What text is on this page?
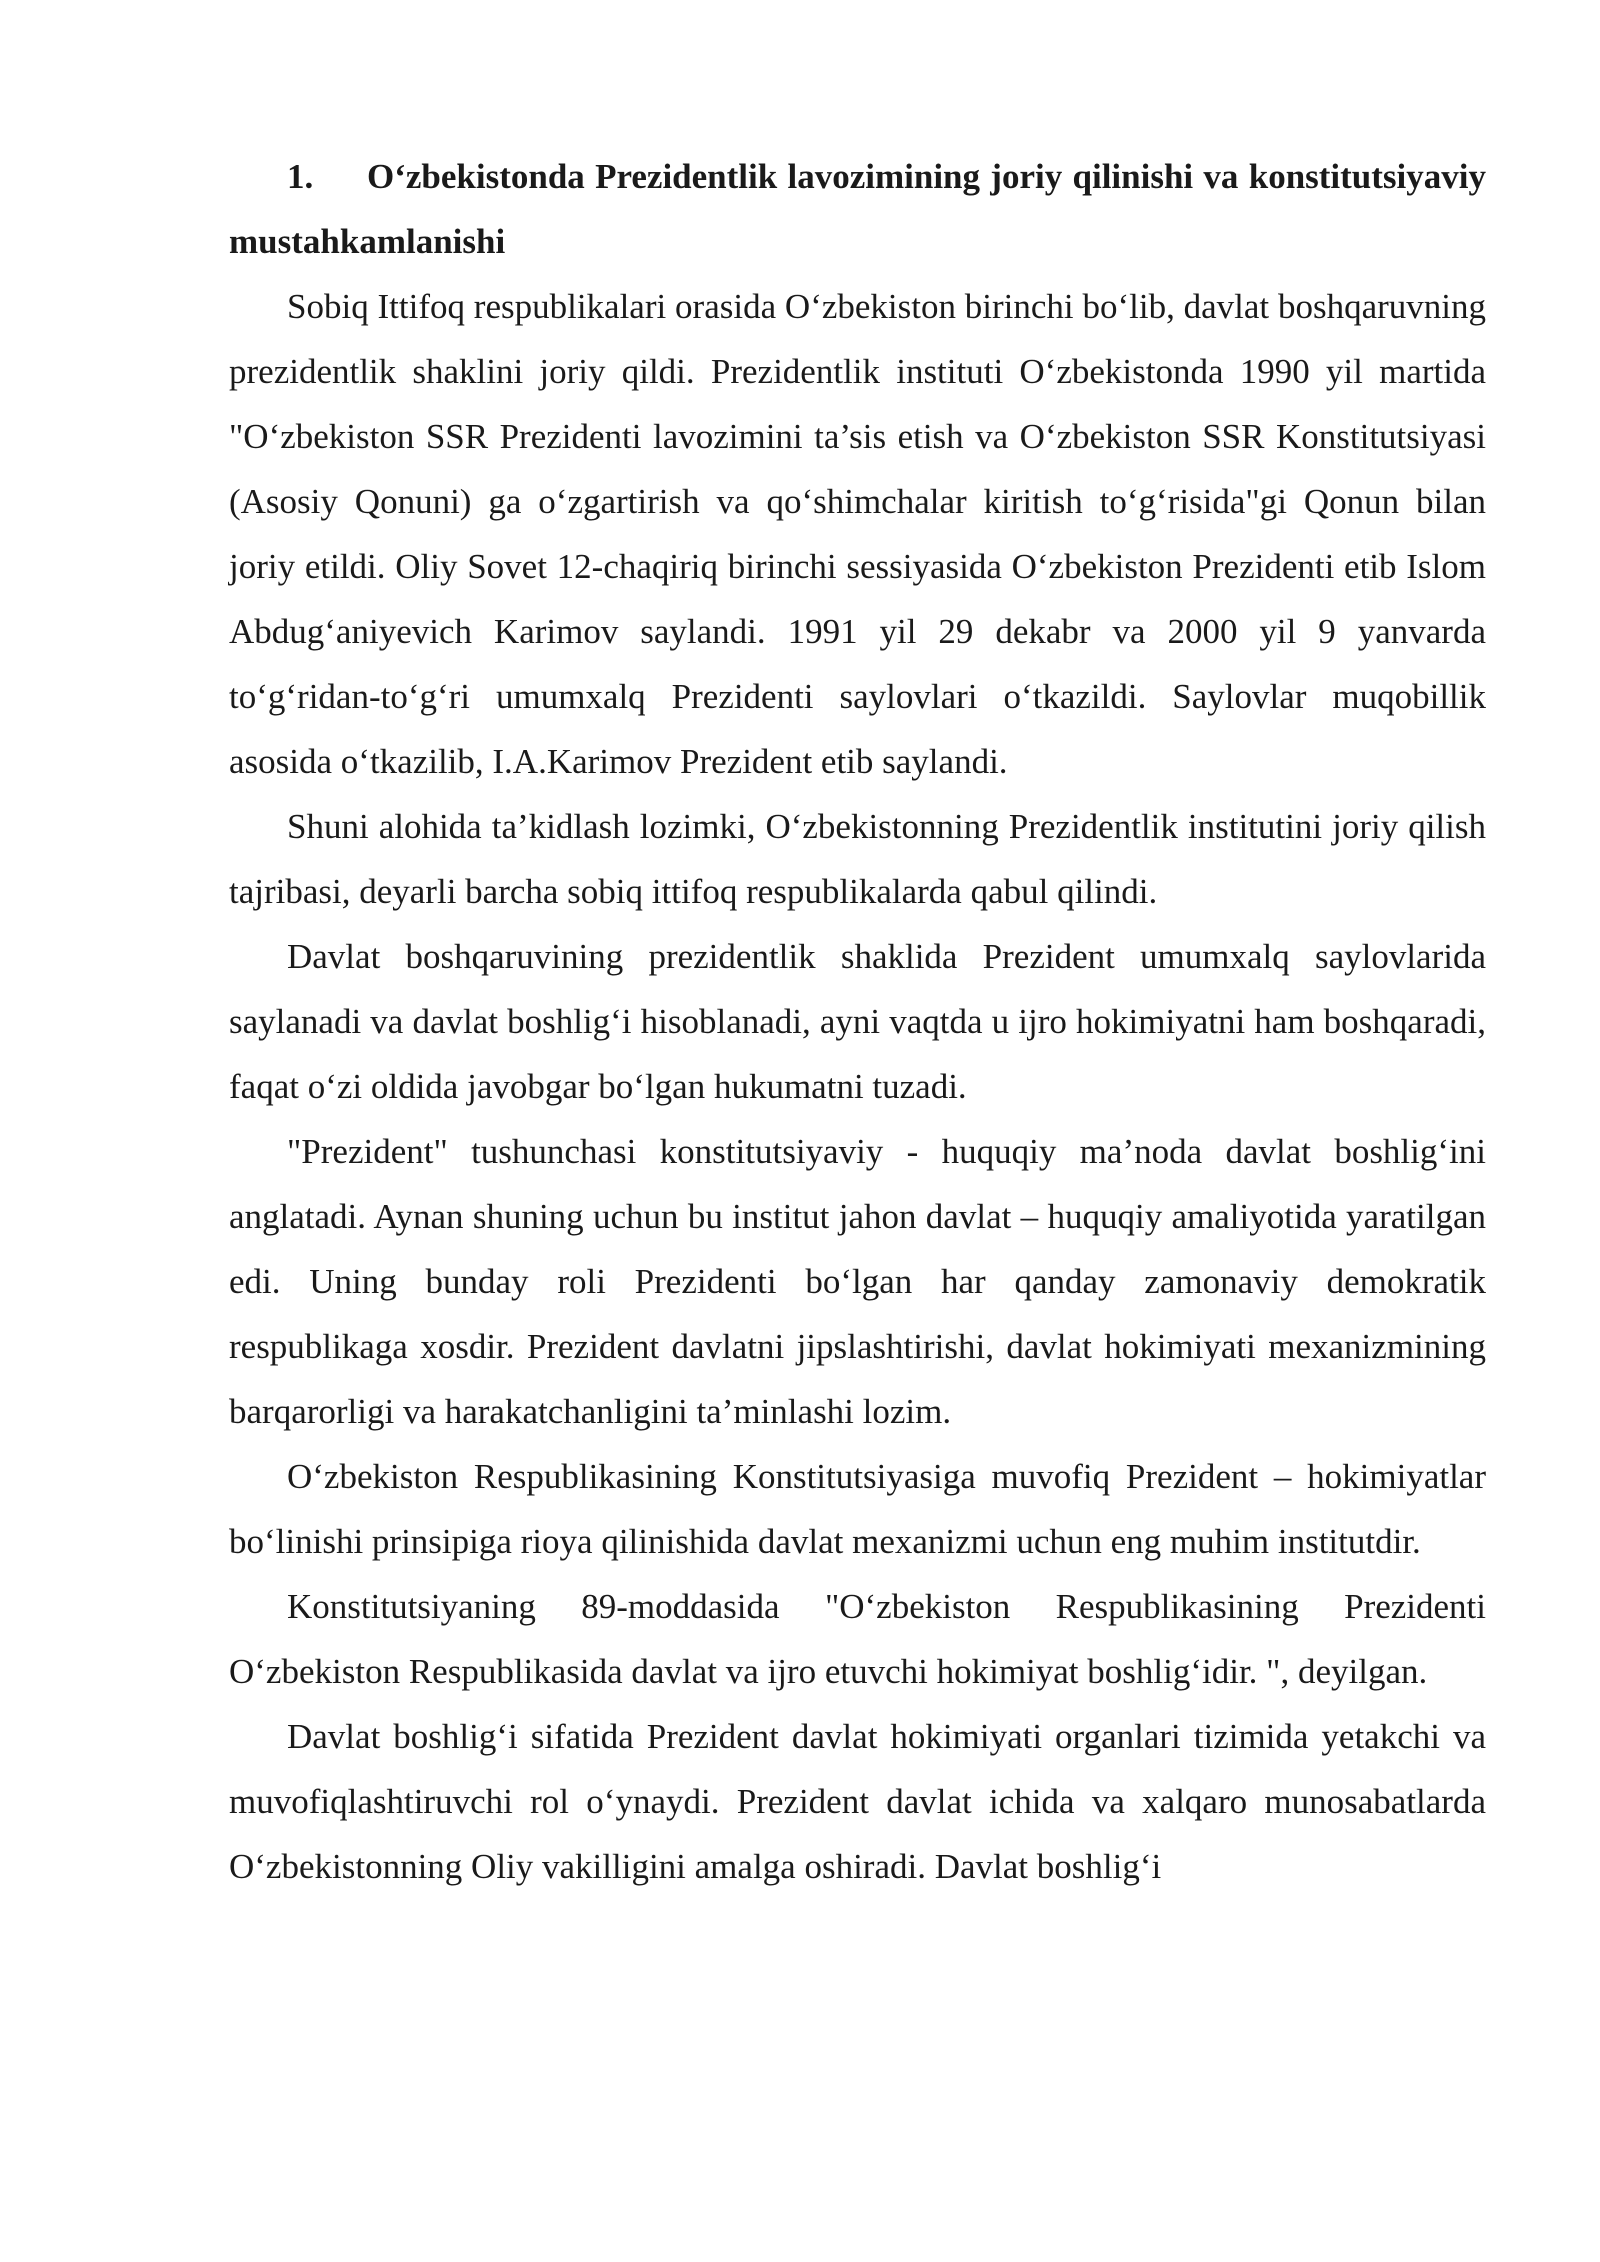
1. O‘zbekistonda Prezidentlik lavozimining joriy qilinishi va konstitutsiyaviy mustahkamlanishi

Sobiq Ittifoq respublikalari orasida O‘zbekiston birinchi bo‘lib, davlat boshqaruvning prezidentlik shaklini joriy qildi. Prezidentlik instituti O‘zbekistonda 1990 yil martida "O‘zbekiston SSR Prezidenti lavozimini ta’sis etish va O‘zbekiston SSR Konstitutsiyasi (Asosiy Qonuni) ga o‘zgartirish va qo‘shimchalar kiritish to‘g‘risida"gi Qonun bilan joriy etildi. Oliy Sovet 12-chaqiriq birinchi sessiyasida O‘zbekiston Prezidenti etib Islom Abdug‘aniyevich Karimov saylandi. 1991 yil 29 dekabr va 2000 yil 9 yanvarda to‘g‘ridan-to‘g‘ri umumxalq Prezidenti saylovlari o‘tkazildi. Saylovlar muqobillik asosida o‘tkazilib, I.A.Karimov Prezident etib saylandi.

Shuni alohida ta’kidlash lozimki, O‘zbekistonning Prezidentlik institutini joriy qilish tajribasi, deyarli barcha sobiq ittifoq respublikalarda qabul qilindi.

Davlat boshqaruvining prezidentlik shaklida Prezident umumxalq saylovlarida saylanadi va davlat boshlig‘i hisoblanadi, ayni vaqtda u ijro hokimiyatni ham boshqaradi, faqat o‘zi oldida javobgar bo‘lgan hukumatni tuzadi.

"Prezident" tushunchasi konstitutsiyaviy - huquqiy ma’noda davlat boshlig‘ini anglatadi. Aynan shuning uchun bu institut jahon davlat – huquqiy amaliyotida yaratilgan edi. Uning bunday roli Prezidenti bo‘lgan har qanday zamonaviy demokratik respublikaga xosdir. Prezident davlatni jipslashtirishi, davlat hokimiyati mexanizmining barqarorligi va harakatchanligini ta’minlashi lozim.

O‘zbekiston Respublikasining Konstitutsiyasiga muvofiq Prezident – hokimiyatlar bo‘linishi prinsipiga rioya qilinishida davlat mexanizmi uchun eng muhim institutdir.

Konstitutsiyaning 89-moddasida "O‘zbekiston Respublikasining Prezidenti O‘zbekiston Respublikasida davlat va ijro etuvchi hokimiyat boshlig‘idir. ", deyilgan.

Davlat boshlig‘i sifatida Prezident davlat hokimiyati organlari tizimida yetakchi va muvofiqlashtiruvchi rol o‘ynaydi. Prezident davlat ichida va xalqaro munosabatlarda O‘zbekistonning Oliy vakilligini amalga oshiradi. Davlat boshlig‘i
